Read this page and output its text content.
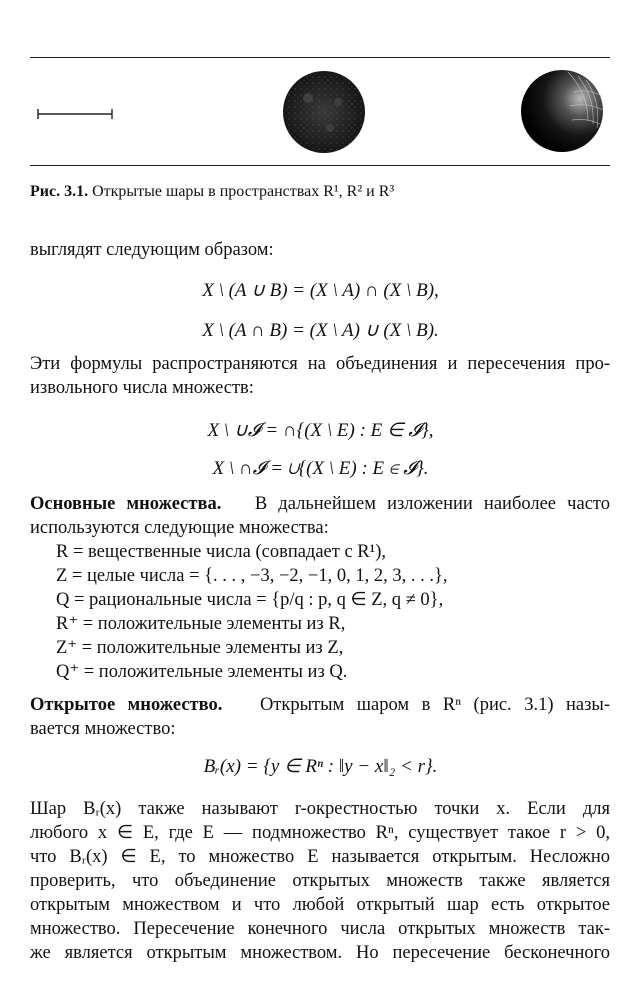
Рис. 3.1. Открытые шары в пространствах R¹, R² и R³
выглядят следующим образом:
X \ (A ∪ B) = (X \ A) ∩ (X \ B),
X \ (A ∩ B) = (X \ A) ∪ (X \ B).
Эти формулы распространяются на объединения и пересечения про-
извольного числа множеств:
X \ ∪𝓘 = ∩{(X \ E) : E ∈ 𝓘},
X \ ∩𝓘 = ∪{(X \ E) : E ∈ 𝓘}.
Основные множества. В дальнейшем изложении наиболее часто
используются следующие множества:
R = вещественные числа (совпадает с R¹),
Z = целые числа = {. . . , −3, −2, −1, 0, 1, 2, 3, . . .},
Q = рациональные числа = {p/q : p, q ∈ Z, q ≠ 0},
R⁺ = положительные элементы из R,
Z⁺ = положительные элементы из Z,
Q⁺ = положительные элементы из Q.
Открытое множество. Открытым шаром в Rⁿ (рис. 3.1) назы-
вается множество:
Bᵣ(x) = {y ∈ Rⁿ : ‖y − x‖₂ < r}.
Шар Bᵣ(x) также называют r-окрестностью точки x. Если для
любого x ∈ E, где E — подмножество Rⁿ, существует такое r > 0,
что Bᵣ(x) ∈ E, то множество E называется открытым. Несложно
проверить, что объединение открытых множеств также является
открытым множеством и что любой открытый шар есть открытое
множество. Пересечение конечного числа открытых множеств так-
же является открытым множеством. Но пересечение бесконечного
